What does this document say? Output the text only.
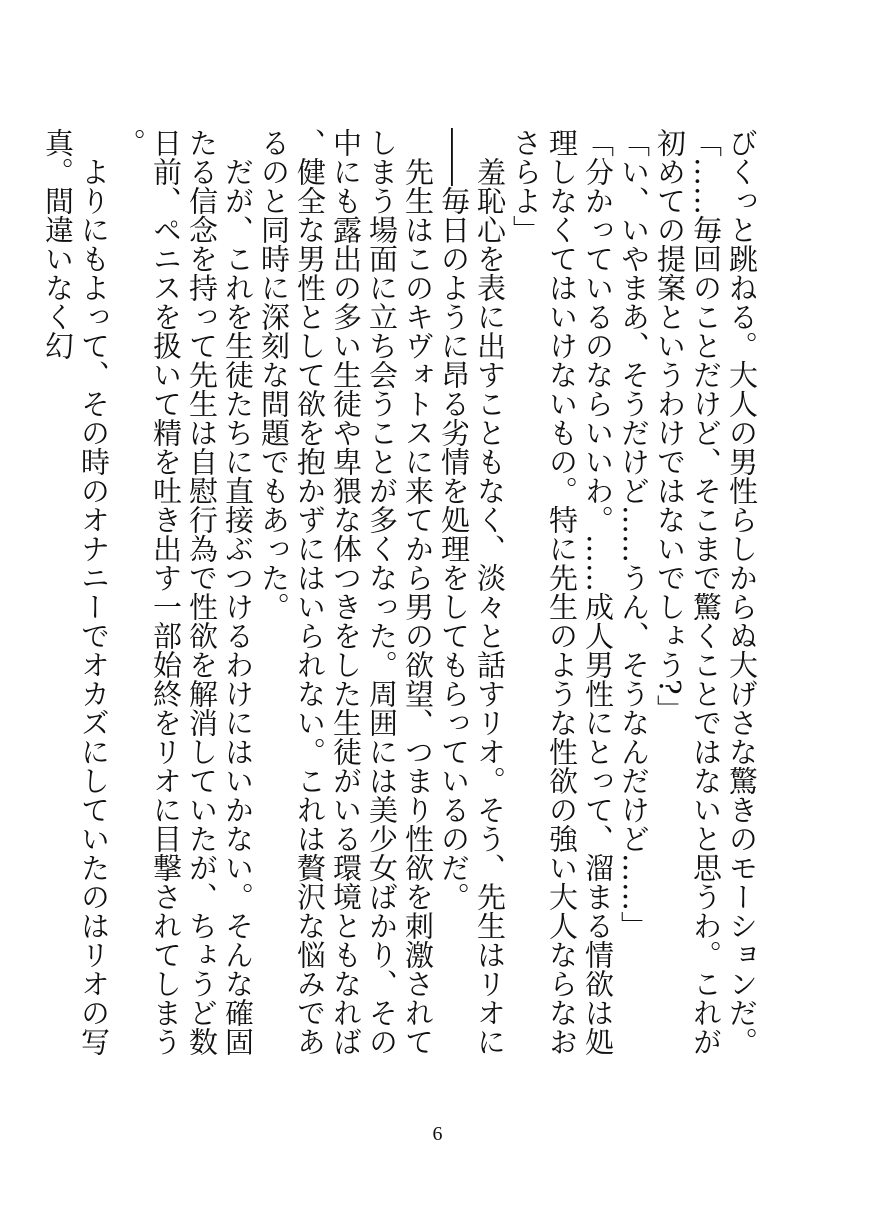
びくっと跳ねる。大人の男性らしからぬ大げさな驚きのモーションだ。

「……毎回のことだけど、そこまで驚くことではないと思うわ。これが初めての提案というわけではないでしょう?」

「い、いやまあ、そうだけど……うん、そうなんだけど……」

「分かっているのならいいわ。……成人男性にとって、溜まる情欲は処理しなくてはいけないもの。特に先生のような性欲の強い大人ならなおさらよ」

　羞恥心を表に出すこともなく、淡々と話すリオ。そう、先生はリオに――毎日のように昂る劣情を処理をしてもらっているのだ。

　先生はこのキヴォトスに来てから男の欲望、つまり性欲を刺激されてしまう場面に立ち会うことが多くなった。周囲には美少女ばかり、その中にも露出の多い生徒や卑猥な体つきをした生徒がいる環境ともなれば、健全な男性として欲を抱かずにはいられない。これは贅沢な悩みであるのと同時に深刻な問題でもあった。

　だが、これを生徒たちに直接ぶつけるわけにはいかない。そんな確固たる信念を持って先生は自慰行為で性欲を解消していたが、ちょうど数日前、ペニスを扱いて精を吐き出す一部始終をリオに目撃されてしまう。

　よりにもよって、その時のオナニーでオカズにしていたのはリオの写真。間違いなく幻

6
